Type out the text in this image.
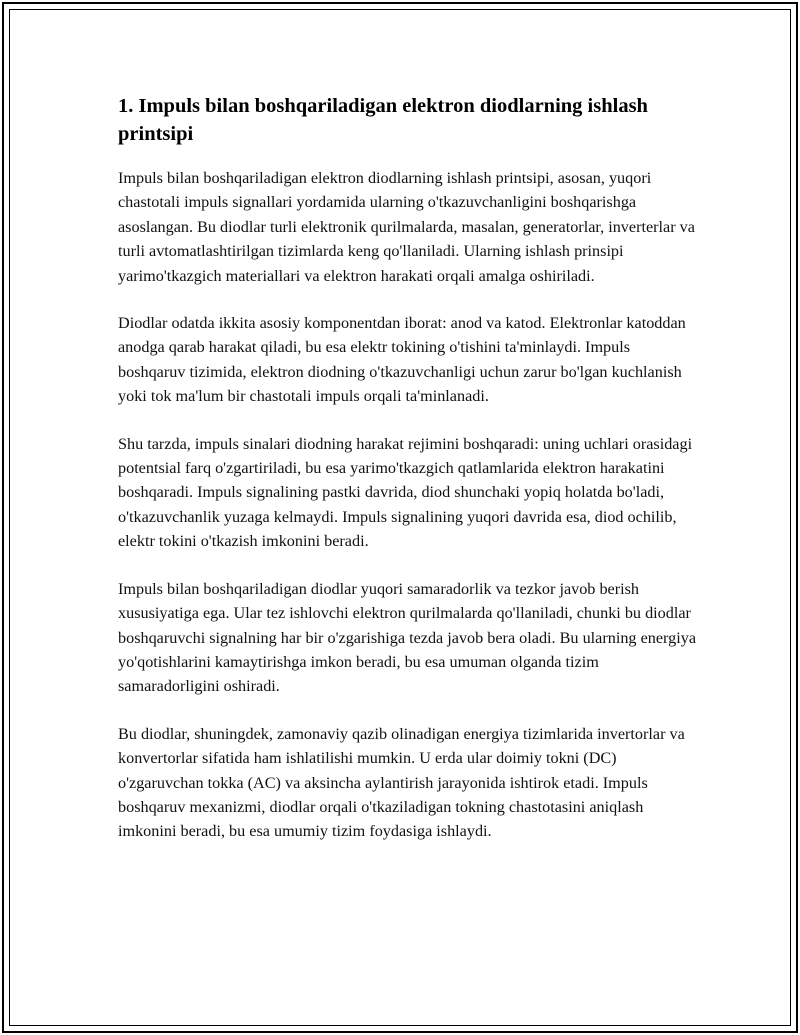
1. Impuls bilan boshqariladigan elektron diodlarning ishlash printsipi

Impuls bilan boshqariladigan elektron diodlarning ishlash printsipi, asosan, yuqori chastotali impuls signallari yordamida ularning o'tkazuvchanligini boshqarishga asoslangan. Bu diodlar turli elektronik qurilmalarda, masalan, generatorlar, inverterlar va turli avtomatlashtirilgan tizimlarda keng qo'llaniladi. Ularning ishlash prinsipi yarimo'tkazgich materiallari va elektron harakati orqali amalga oshiriladi.

Diodlar odatda ikkita asosiy komponentdan iborat: anod va katod. Elektronlar katoddan anodga qarab harakat qiladi, bu esa elektr tokining o'tishini ta'minlaydi. Impuls boshqaruv tizimida, elektron diodning o'tkazuvchanligi uchun zarur bo'lgan kuchlanish yoki tok ma'lum bir chastotali impuls orqali ta'minlanadi.

Shu tarzda, impuls sinalari diodning harakat rejimini boshqaradi: uning uchlari orasidagi potentsial farq o'zgartiriladi, bu esa yarimo'tkazgich qatlamlarida elektron harakatini boshqaradi. Impuls signalining pastki davrida, diod shunchaki yopiq holatda bo'ladi, o'tkazuvchanlik yuzaga kelmaydi. Impuls signalining yuqori davrida esa, diod ochilib, elektr tokini o'tkazish imkonini beradi.

Impuls bilan boshqariladigan diodlar yuqori samaradorlik va tezkor javob berish xususiyatiga ega. Ular tez ishlovchi elektron qurilmalarda qo'llaniladi, chunki bu diodlar boshqaruvchi signalning har bir o'zgarishiga tezda javob bera oladi. Bu ularning energiya yo'qotishlarini kamaytirishga imkon beradi, bu esa umuman olganda tizim samaradorligini oshiradi.

Bu diodlar, shuningdek, zamonaviy qazib olinadigan energiya tizimlarida invertorlar va konvertorlar sifatida ham ishlatilishi mumkin. U erda ular doimiy tokni (DC) o'zgaruvchan tokka (AC) va aksincha aylantirish jarayonida ishtirok etadi. Impuls boshqaruv mexanizmi, diodlar orqali o'tkaziladigan tokning chastotasini aniqlash imkonini beradi, bu esa umumiy tizim foydasiga ishlaydi.
